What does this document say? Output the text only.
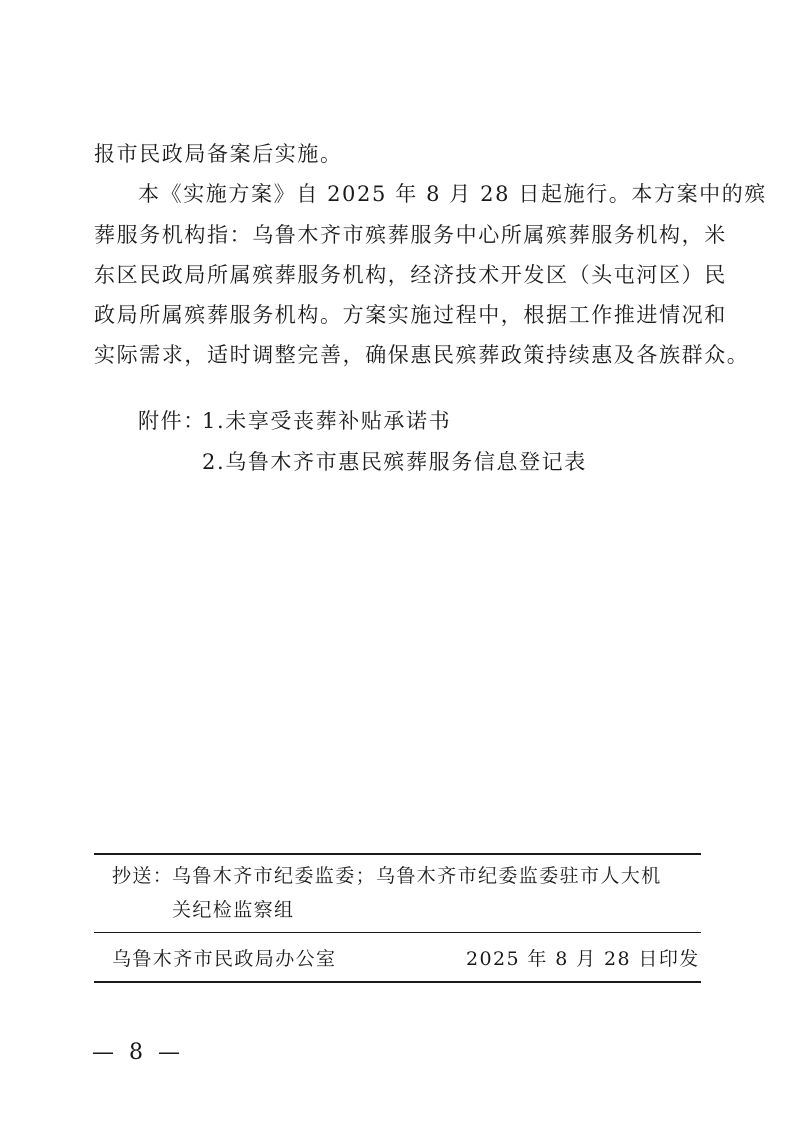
报市民政局备案后实施。
本《实施方案》自 2025 年 8 月 28 日起施行。本方案中的殡
葬服务机构指：乌鲁木齐市殡葬服务中心所属殡葬服务机构，米
东区民政局所属殡葬服务机构，经济技术开发区（头屯河区）民
政局所属殡葬服务机构。方案实施过程中，根据工作推进情况和
实际需求，适时调整完善，确保惠民殡葬政策持续惠及各族群众。
附件：
1.未享受丧葬补贴承诺书
2.乌鲁木齐市惠民殡葬服务信息登记表
抄送：
乌鲁木齐市纪委监委；乌鲁木齐市纪委监委驻市人大机
关纪检监察组
乌鲁木齐市民政局办公室	2025 年 8 月 28 日印发
— 8 —
